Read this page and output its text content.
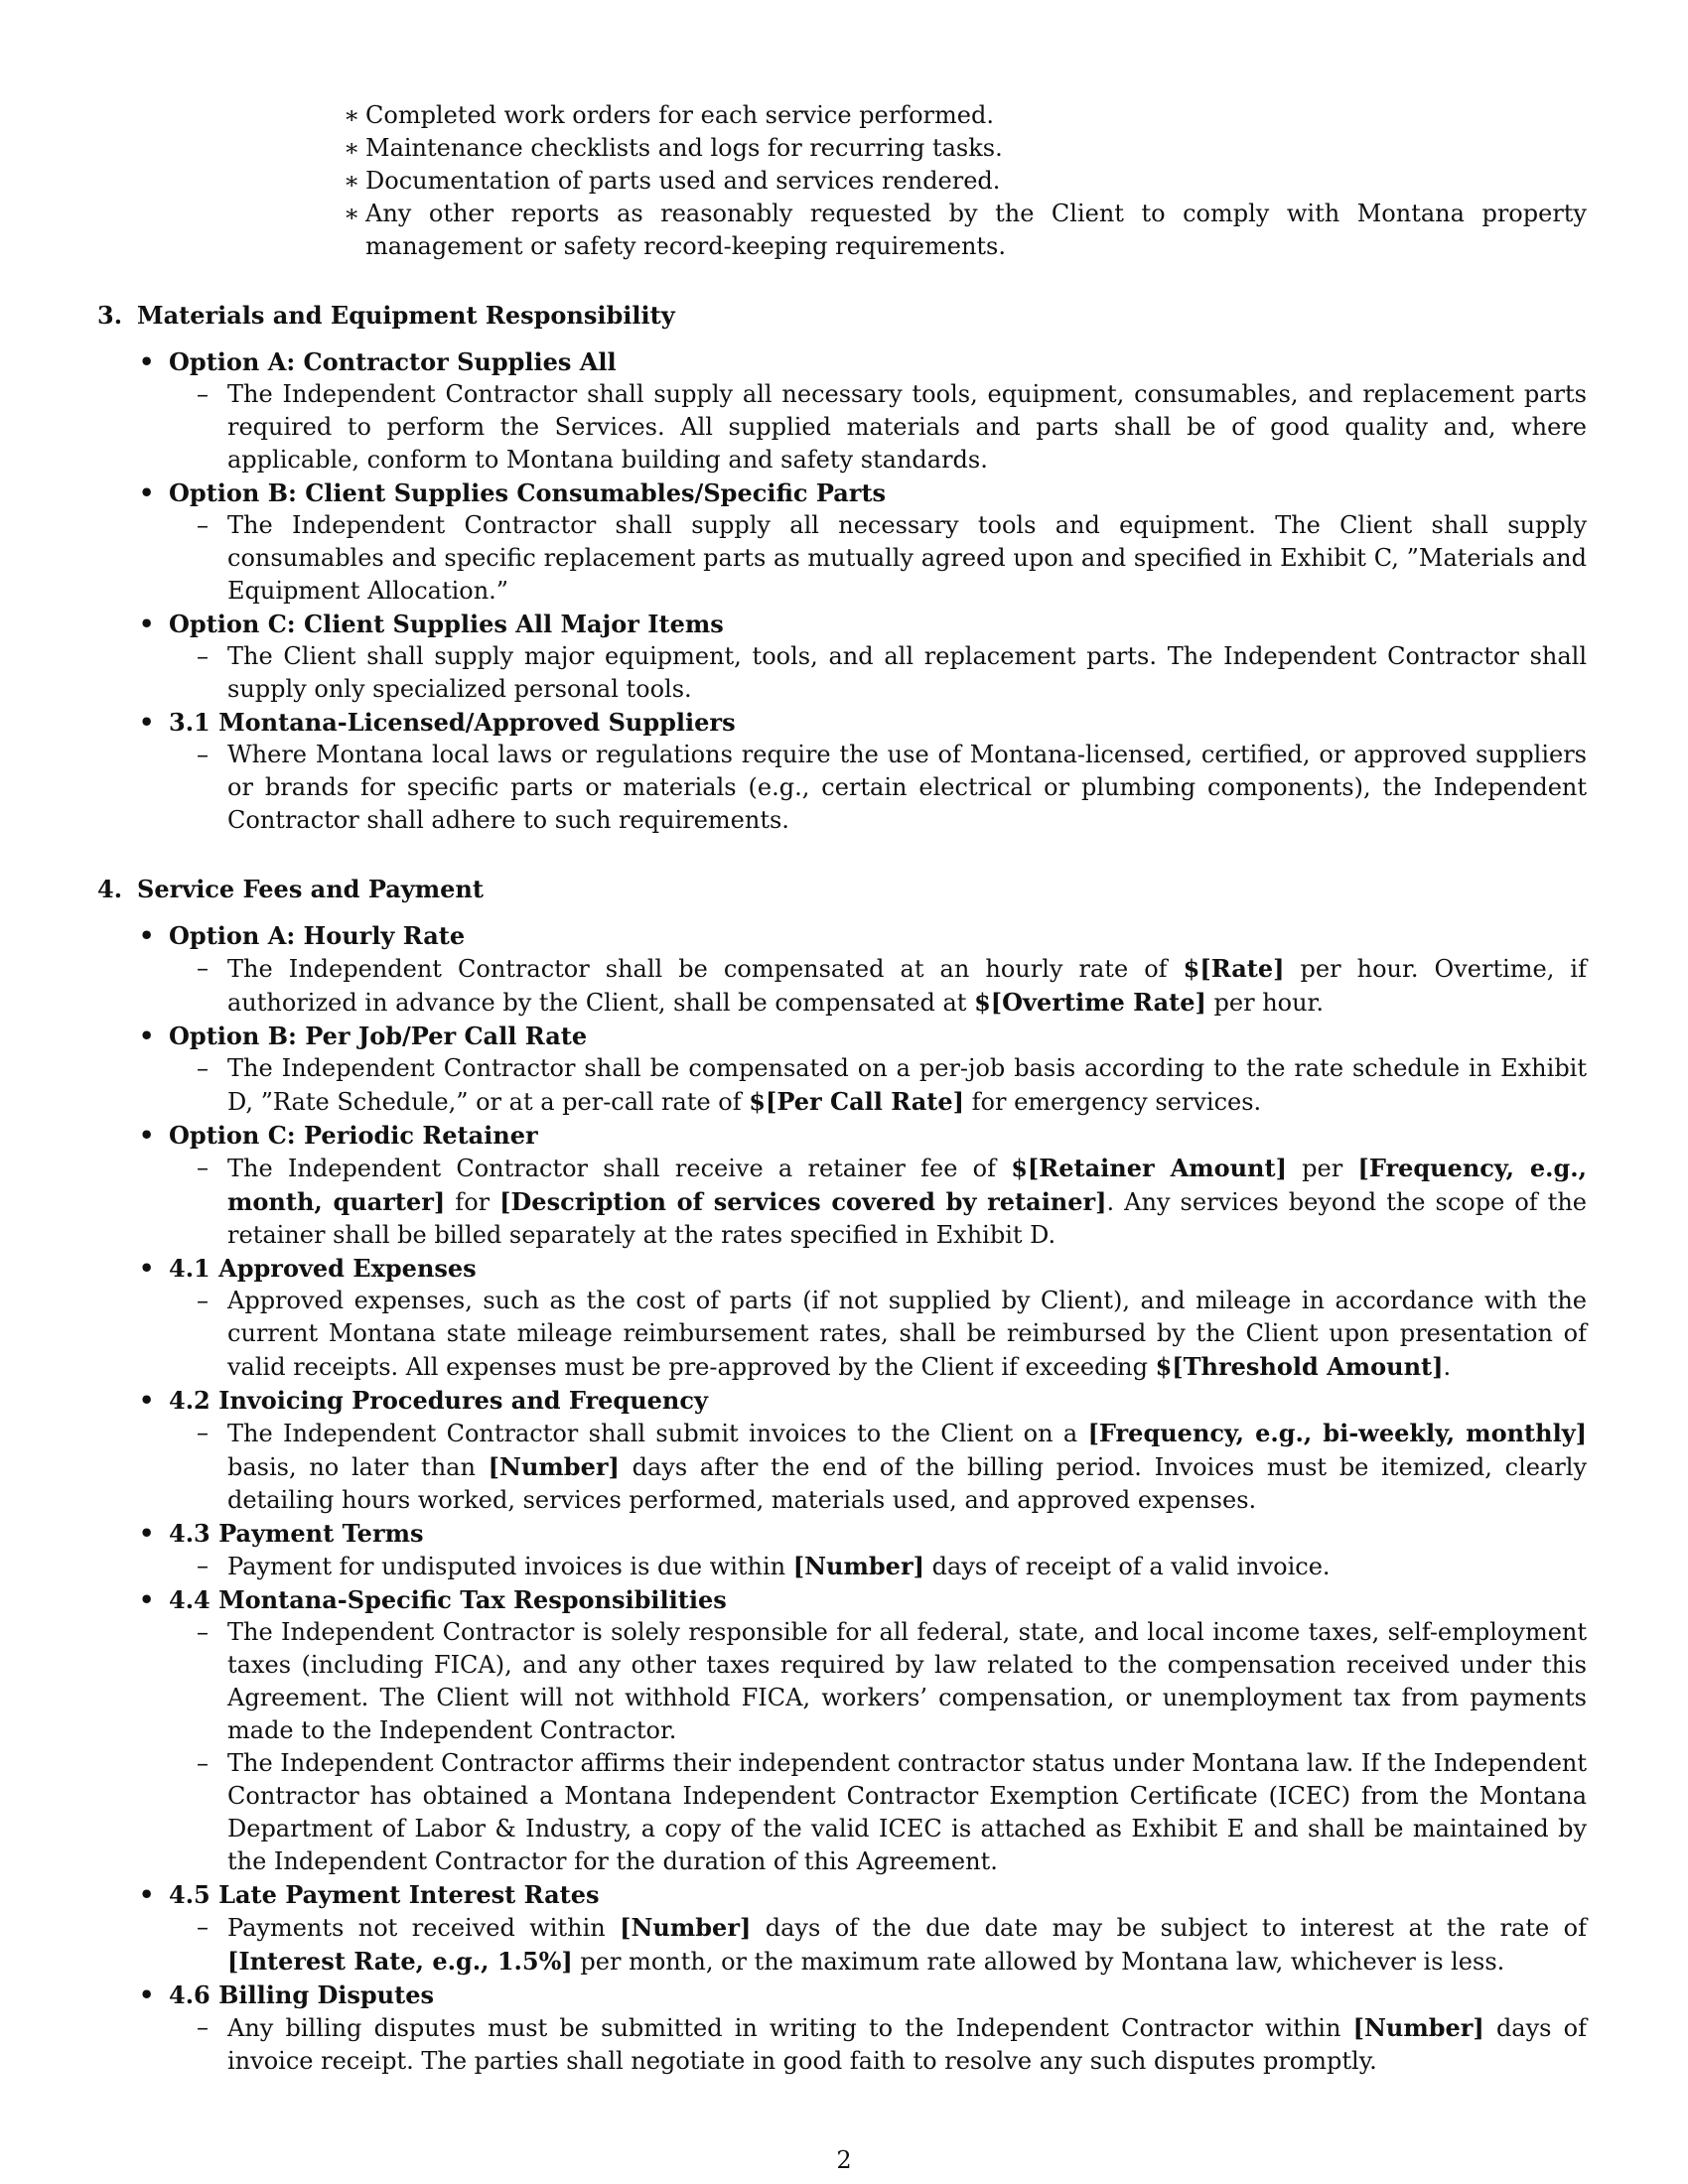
∗ Completed work orders for each service performed.

∗ Maintenance checklists and logs for recurring tasks.

∗ Documentation of parts used and services rendered.

∗ Any other reports as reasonably requested by the Client to comply with Montana property management or safety record-keeping requirements.

3. Materials and Equipment Responsibility

• Option A: Contractor Supplies All

– The Independent Contractor shall supply all necessary tools, equipment, consumables, and replacement parts required to perform the Services. All supplied materials and parts shall be of good quality and, where applicable, conform to Montana building and safety standards.

• Option B: Client Supplies Consumables/Specific Parts

– The Independent Contractor shall supply all necessary tools and equipment. The Client shall supply consumables and specific replacement parts as mutually agreed upon and specified in Exhibit C, ”Materials and Equipment Allocation.”

• Option C: Client Supplies All Major Items

– The Client shall supply major equipment, tools, and all replacement parts. The Independent Contractor shall supply only specialized personal tools.

• 3.1 Montana-Licensed/Approved Suppliers

– Where Montana local laws or regulations require the use of Montana-licensed, certified, or approved suppliers or brands for specific parts or materials (e.g., certain electrical or plumbing components), the Independent Contractor shall adhere to such requirements.

4. Service Fees and Payment

• Option A: Hourly Rate

– The Independent Contractor shall be compensated at an hourly rate of $[Rate] per hour. Overtime, if authorized in advance by the Client, shall be compensated at $[Overtime Rate] per hour.

• Option B: Per Job/Per Call Rate

– The Independent Contractor shall be compensated on a per-job basis according to the rate schedule in Exhibit D, ”Rate Schedule,” or at a per-call rate of $[Per Call Rate] for emergency services.

• Option C: Periodic Retainer

– The Independent Contractor shall receive a retainer fee of $[Retainer Amount] per [Frequency, e.g., month, quarter] for [Description of services covered by retainer]. Any services beyond the scope of the retainer shall be billed separately at the rates specified in Exhibit D.

• 4.1 Approved Expenses

– Approved expenses, such as the cost of parts (if not supplied by Client), and mileage in accordance with the current Montana state mileage reimbursement rates, shall be reimbursed by the Client upon presentation of valid receipts. All expenses must be pre-approved by the Client if exceeding $[Threshold Amount].

• 4.2 Invoicing Procedures and Frequency

– The Independent Contractor shall submit invoices to the Client on a [Frequency, e.g., bi-weekly, monthly] basis, no later than [Number] days after the end of the billing period. Invoices must be itemized, clearly detailing hours worked, services performed, materials used, and approved expenses.

• 4.3 Payment Terms

– Payment for undisputed invoices is due within [Number] days of receipt of a valid invoice.

• 4.4 Montana-Specific Tax Responsibilities

– The Independent Contractor is solely responsible for all federal, state, and local income taxes, self-employment taxes (including FICA), and any other taxes required by law related to the compensation received under this Agreement. The Client will not withhold FICA, workers’ compensation, or unemployment tax from payments made to the Independent Contractor.

– The Independent Contractor affirms their independent contractor status under Montana law. If the Independent Contractor has obtained a Montana Independent Contractor Exemption Certificate (ICEC) from the Montana Department of Labor & Industry, a copy of the valid ICEC is attached as Exhibit E and shall be maintained by the Independent Contractor for the duration of this Agreement.

• 4.5 Late Payment Interest Rates

– Payments not received within [Number] days of the due date may be subject to interest at the rate of [Interest Rate, e.g., 1.5%] per month, or the maximum rate allowed by Montana law, whichever is less.

• 4.6 Billing Disputes

– Any billing disputes must be submitted in writing to the Independent Contractor within [Number] days of invoice receipt. The parties shall negotiate in good faith to resolve any such disputes promptly.

2
